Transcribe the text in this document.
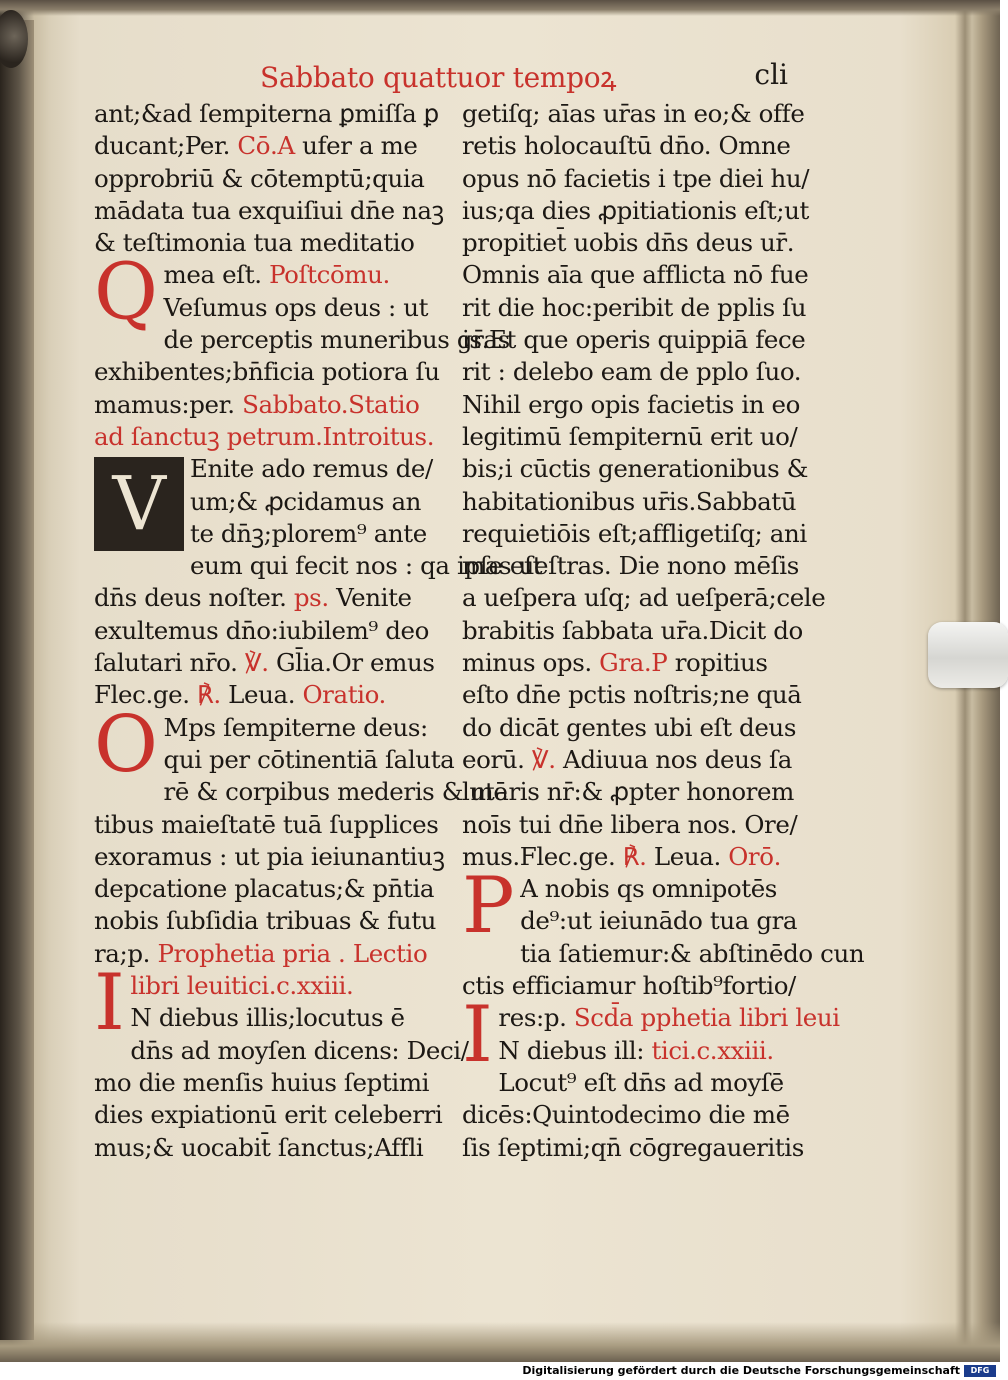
Sabbato quattuor tempoꝝ	cli
ant;&ad ſempiterna ꝑmiſſa ꝑ
ducant;Per. Cō.A ufer a me
opprobriū & cōtemptū;quia
mādata tua exquiſiui dn̄e naꝫ
& teſtimonia tua meditatio
Q mea eſt. Poſtcōmu.
Veſumus ops deus : ut
de perceptis muneribus gr̄as
exhibentes;bn̄ficia potiora ſu
mamus:per. Sabbato.Statio
ad ſanctuꝫ petrum.Introitus.
V Enite ado remus de/
um;& ꝓcidamus an
te dn̄ꝫ;plorem⁹ ante
eum qui fecit nos : qa ipſe eſt
dn̄s deus noſter. ps. Venite
exultemus dn̄o:iubilem⁹ deo
ſalutari nr̄o. ℣. Gl̄ia.Or emus
Flec.ge. ℟. Leua. Oratio.
O Mps ſempiterne deus:
qui per cōtinentiā ſaluta
rē & corpibus mederis & mē
tibus maieſtatē tuā ſupplices
exoramus : ut pia ieiunantiuꝫ
depcatione placatus;& pn̄tia
nobis ſubſidia tribuas & futu
ra;p. Prophetia pria . Lectio
I libri leuitici.c.xxiii.
N diebus illis;locutus ē
dn̄s ad moyſen dicens: Deci/
mo die menſis huius ſeptimi
dies expiationū erit celeberri
mus;& uocabit̄ ſanctus;Affli
getiſq; aīas ur̄as in eo;& offe
retis holocauſtū dn̄o. Omne
opus nō facietis i tpe diei hu/
ius;qa dies ꝓpitiationis eſt;ut
propitiet̄ uobis dn̄s deus ur̄.
Omnis aīa que afflicta nō fue
rit die hoc:peribit de pplis ſu
is.Et que operis quippiā fece
rit : delebo eam de pplo ſuo.
Nihil ergo opis facietis in eo
legitimū ſempiternū erit uo/
bis;i cūctis generationibus &
habitationibus ur̄is.Sabbatū
requietiōis eſt;affligetiſq; ani
mas ueſtras. Die nono mēſis
a ueſpera uſq; ad ueſperā;cele
brabitis ſabbata ur̄a.Dicit do
minus ops. Gra.P ropitius
eſto dn̄e pctis noſtris;ne quā
do dicāt gentes ubi eſt deus
eorū. ℣. Adiuua nos deus ſa
lutaris nr̄:& ꝓpter honorem
noīs tui dn̄e libera nos. Ore/
mus.Flec.ge. ℟. Leua. Orō.
P A nobis qs omnipotēs
de⁹:ut ieiunādo tua gra
tia ſatiemur:& abſtinēdo cun
ctis efficiamur hoſtib⁹fortio/
I res:p. Scd̄a pphetia libri leui
N diebus ill: tici.c.xxiii.
Locut⁹ eſt dn̄s ad moyſē
dicēs:Quintodecimo die mē
ſis ſeptimi;qn̄ cōgregaueritis
Digitalisierung gefördert durch die Deutsche Forschungsgemeinschaft	DFG
